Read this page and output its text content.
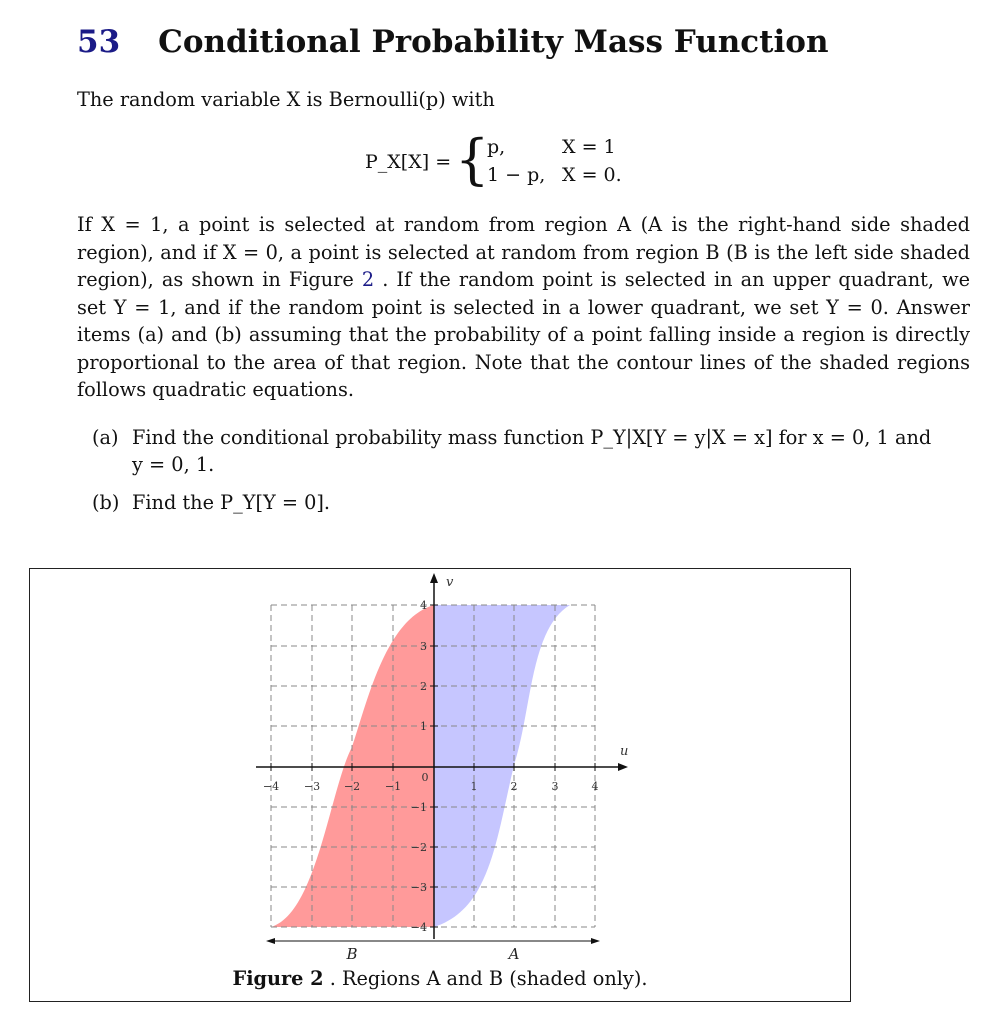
53 Conditional Probability Mass Function
The random variable X is Bernoulli(p) with
P_X[X] = {
p,	X = 1
1 − p, X = 0.
If X = 1, a point is selected at random from region A (A is the right-hand side shaded region), and if X = 0, a point is selected at random from region B (B is the left side shaded region), as shown in Figure 2 . If the random point is selected in an upper quadrant, we set Y = 1, and if the random point is selected in a lower quadrant, we set Y = 0. Answer items (a) and (b) assuming that the probability of a point falling inside a region is directly proportional to the area of that region. Note that the contour lines of the shaded regions follows quadratic equations.
(a) Find the conditional probability mass function P_Y|X[Y = y|X = x] for x = 0, 1 and
y = 0, 1.
(b) Find the P_Y[Y = 0].
−4 −3 −2 −1	1	2	3	4
0
4
3
2
1
−1
−2
−3
−4
v
u
B	A
Figure 2 . Regions A and B (shaded only).
